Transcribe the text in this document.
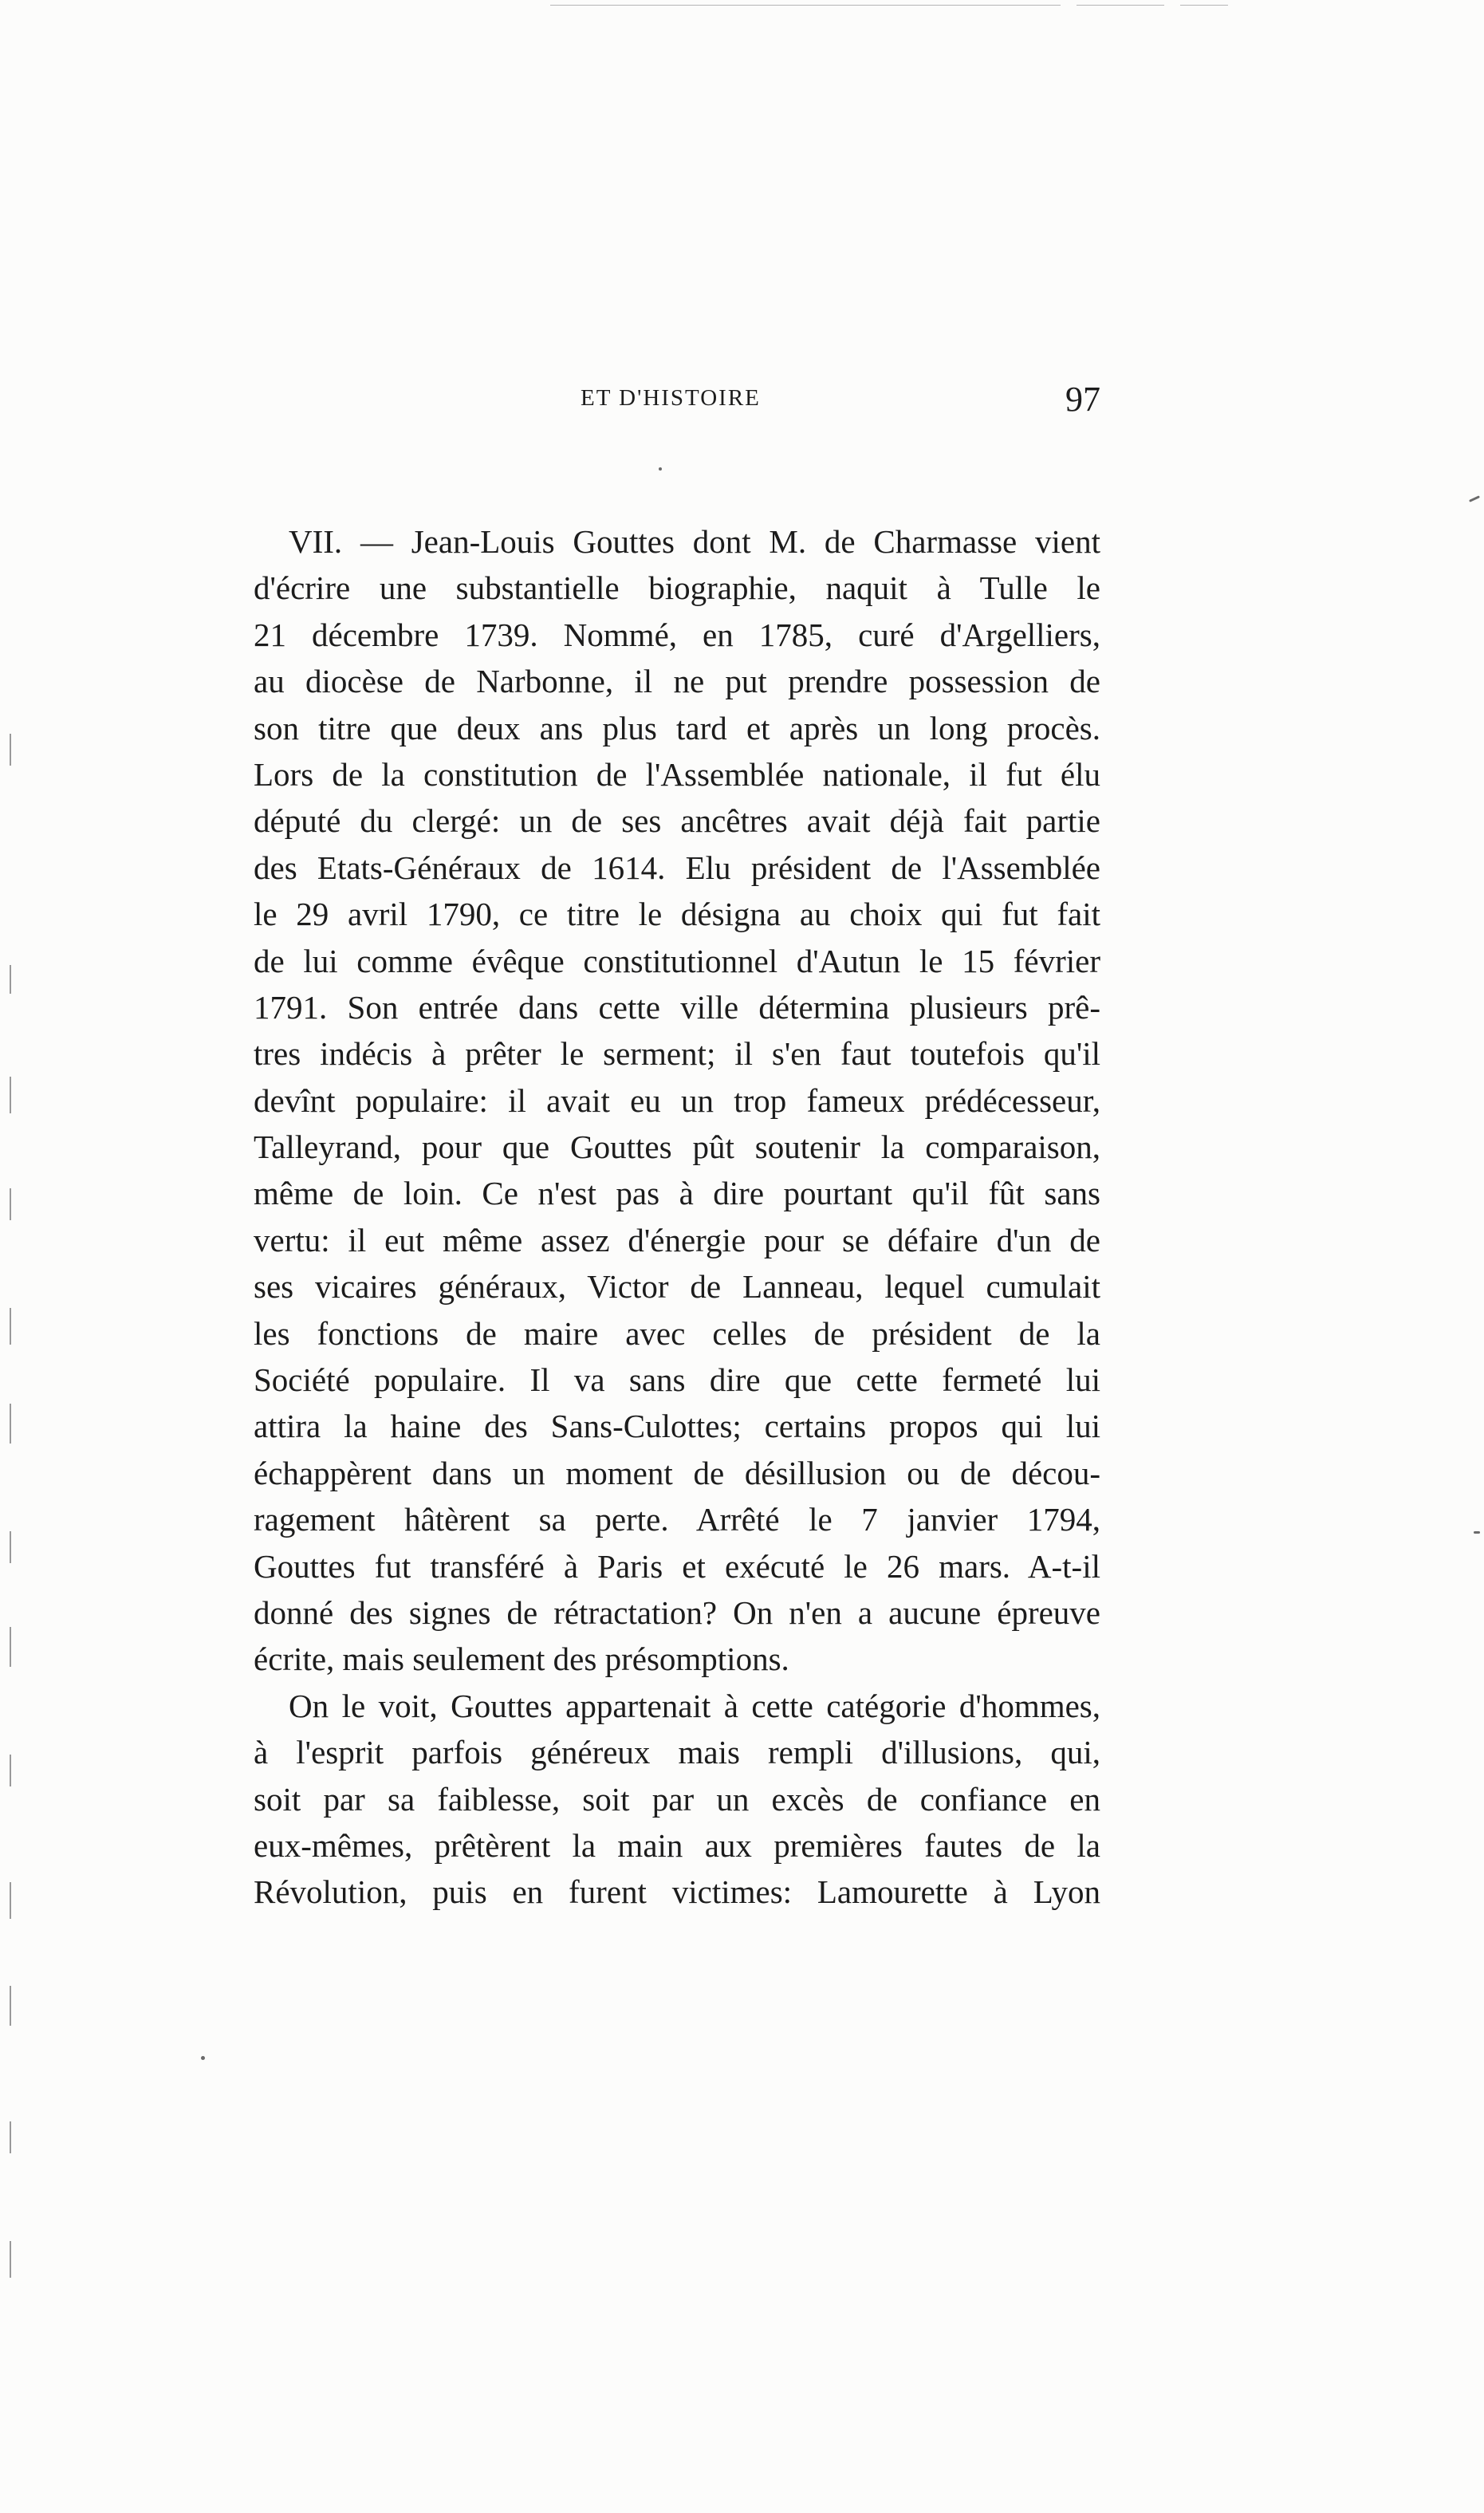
ET D'HISTOIRE	97
VII. — Jean-Louis Gouttes dont M. de Charmasse vient
d'écrire une substantielle biographie, naquit à Tulle le
21 décembre 1739. Nommé, en 1785, curé d'Argelliers,
au diocèse de Narbonne, il ne put prendre possession de
son titre que deux ans plus tard et après un long procès.
Lors de la constitution de l'Assemblée nationale, il fut élu
député du clergé: un de ses ancêtres avait déjà fait partie
des Etats-Généraux de 1614. Elu président de l'Assemblée
le 29 avril 1790, ce titre le désigna au choix qui fut fait
de lui comme évêque constitutionnel d'Autun le 15 février
1791. Son entrée dans cette ville détermina plusieurs prê-
tres indécis à prêter le serment; il s'en faut toutefois qu'il
devînt populaire: il avait eu un trop fameux prédécesseur,
Talleyrand, pour que Gouttes pût soutenir la comparaison,
même de loin. Ce n'est pas à dire pourtant qu'il fût sans
vertu: il eut même assez d'énergie pour se défaire d'un de
ses vicaires généraux, Victor de Lanneau, lequel cumulait
les fonctions de maire avec celles de président de la
Société populaire. Il va sans dire que cette fermeté lui
attira la haine des Sans-Culottes; certains propos qui lui
échappèrent dans un moment de désillusion ou de décou-
ragement hâtèrent sa perte. Arrêté le 7 janvier 1794,
Gouttes fut transféré à Paris et exécuté le 26 mars. A-t-il
donné des signes de rétractation? On n'en a aucune épreuve
écrite, mais seulement des présomptions.
On le voit, Gouttes appartenait à cette catégorie d'hommes,
à l'esprit parfois généreux mais rempli d'illusions, qui,
soit par sa faiblesse, soit par un excès de confiance en
eux-mêmes, prêtèrent la main aux premières fautes de la
Révolution, puis en furent victimes: Lamourette à Lyon
